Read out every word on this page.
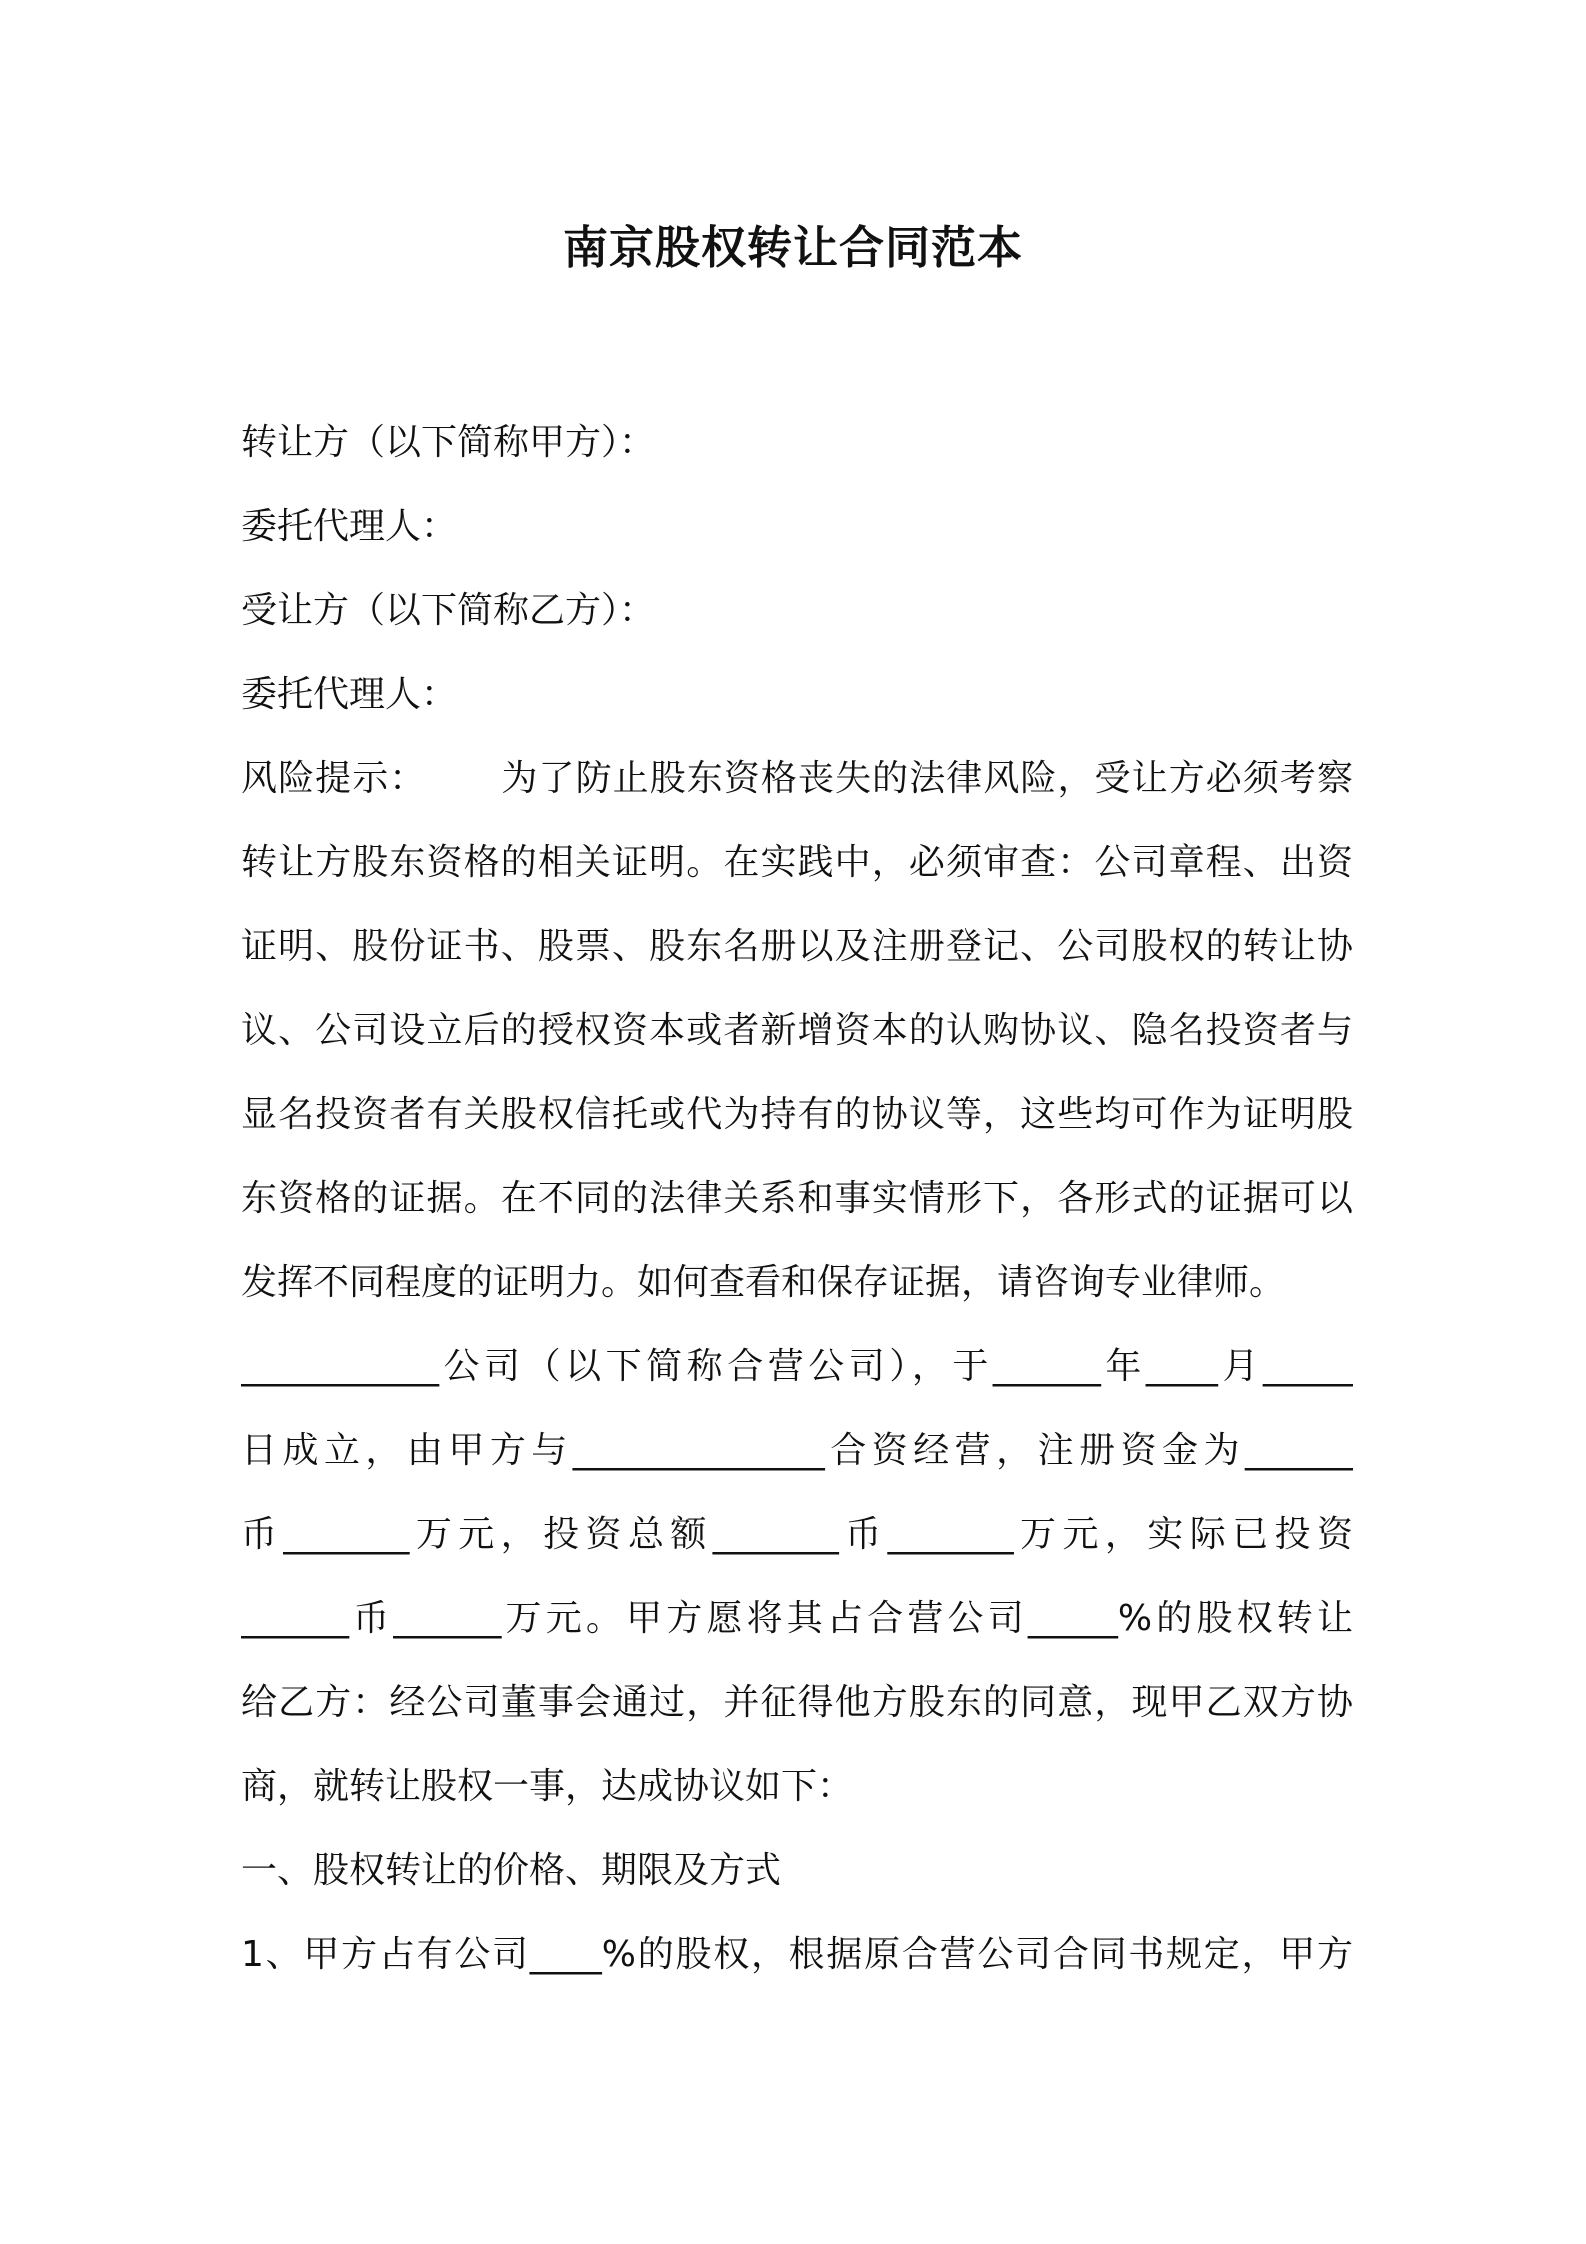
南京股权转让合同范本
转让方（以下简称甲方）：
委托代理人：
受让方（以下简称乙方）：
委托代理人：
风险提示： 为了防止股东资格丧失的法律风险，受让方必须考察
转让方股东资格的相关证明。在实践中，必须审查：公司章程、出资
证明、股份证书、股票、股东名册以及注册登记、公司股权的转让协
议、公司设立后的授权资本或者新增资本的认购协议、隐名投资者与
显名投资者有关股权信托或代为持有的协议等，这些均可作为证明股
东资格的证据。在不同的法律关系和事实情形下，各形式的证据可以
发挥不同程度的证明力。如何查看和保存证据，请咨询专业律师。
___________公司（以下简称合营公司），于______年____月_____
日成立，由甲方与______________合资经营，注册资金为______
币_______万元，投资总额_______币_______万元，实际已投资
______币______万元。甲方愿将其占合营公司_____%的股权转让
给乙方：经公司董事会通过，并征得他方股东的同意，现甲乙双方协
商，就转让股权一事，达成协议如下：
一、股权转让的价格、期限及方式
1、甲方占有公司____%的股权，根据原合营公司合同书规定，甲方
